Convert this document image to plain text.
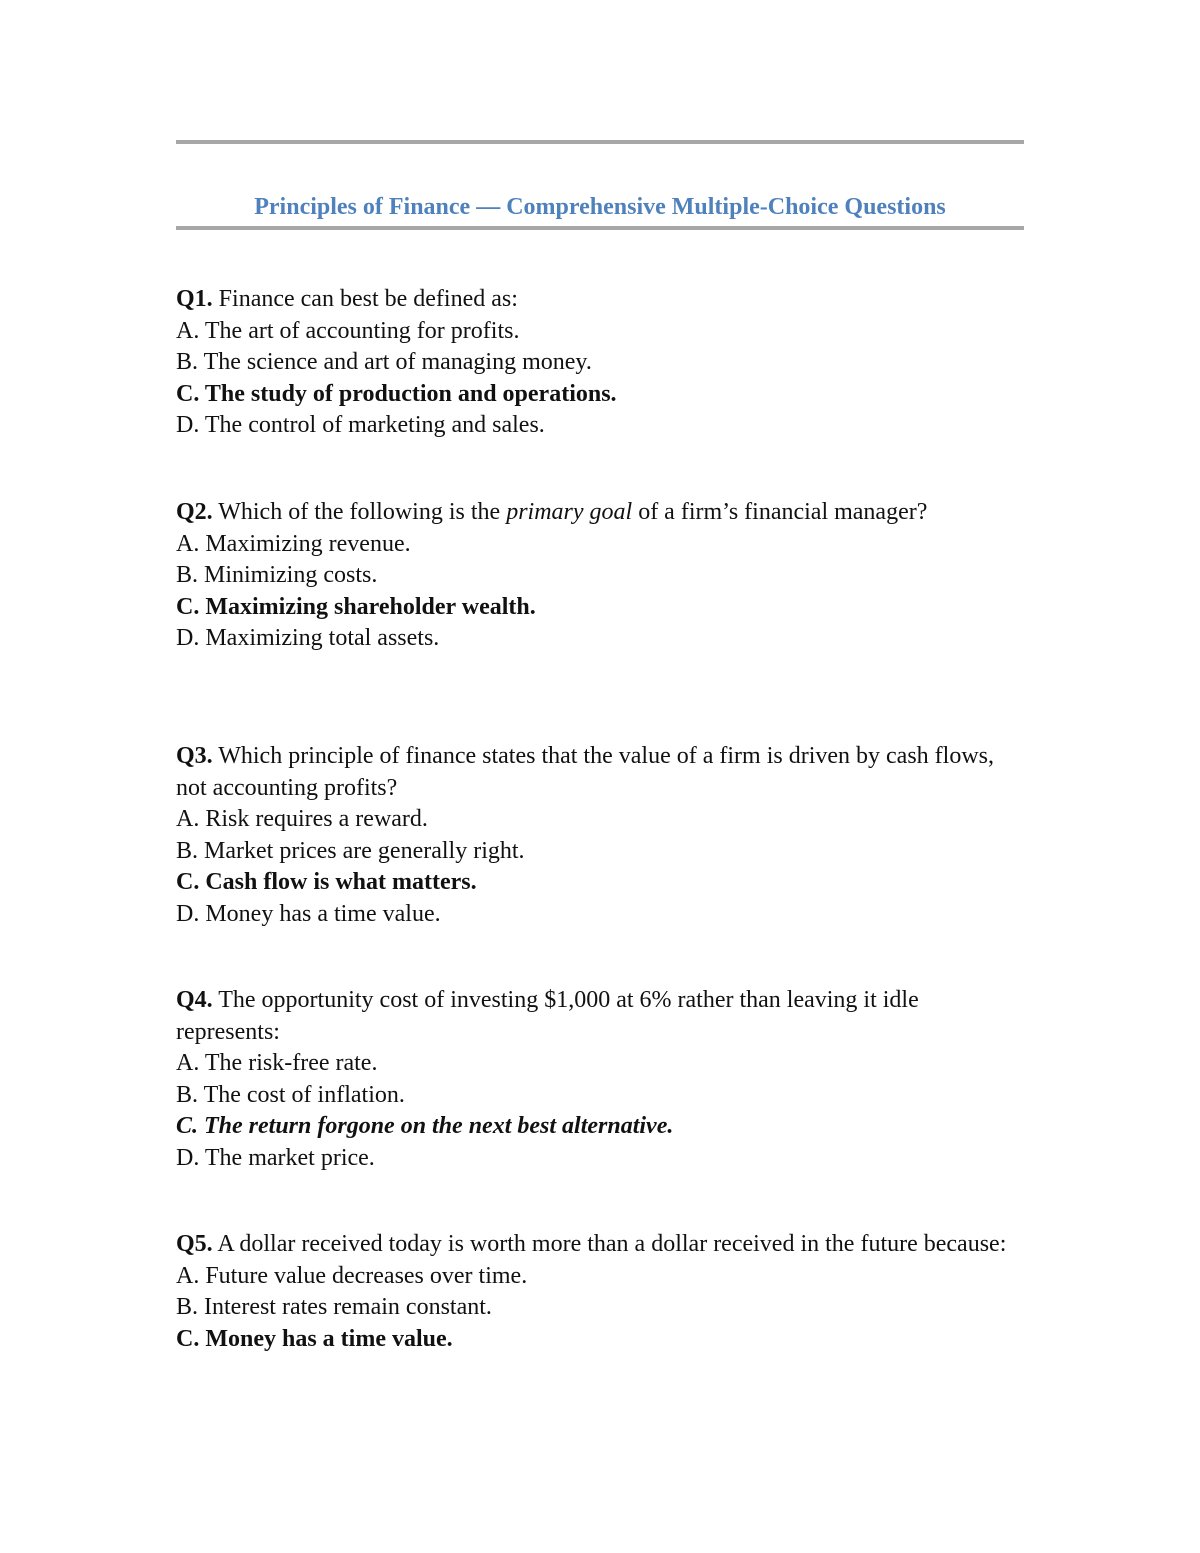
Principles of Finance — Comprehensive Multiple-Choice Questions

Q1. Finance can best be defined as:

A. The art of accounting for profits.

B. The science and art of managing money.

C. The study of production and operations.

D. The control of marketing and sales.

Q2. Which of the following is the primary goal of a firm’s financial manager?

A. Maximizing revenue.

B. Minimizing costs.

C. Maximizing shareholder wealth.

D. Maximizing total assets.

Q3. Which principle of finance states that the value of a firm is driven by cash flows, not accounting profits?

A. Risk requires a reward.

B. Market prices are generally right.

C. Cash flow is what matters.

D. Money has a time value.

Q4. The opportunity cost of investing $1,000 at 6% rather than leaving it idle represents:

A. The risk-free rate.

B. The cost of inflation.

C. The return forgone on the next best alternative.

D. The market price.

Q5. A dollar received today is worth more than a dollar received in the future because:

A. Future value decreases over time.

B. Interest rates remain constant.

C. Money has a time value.
